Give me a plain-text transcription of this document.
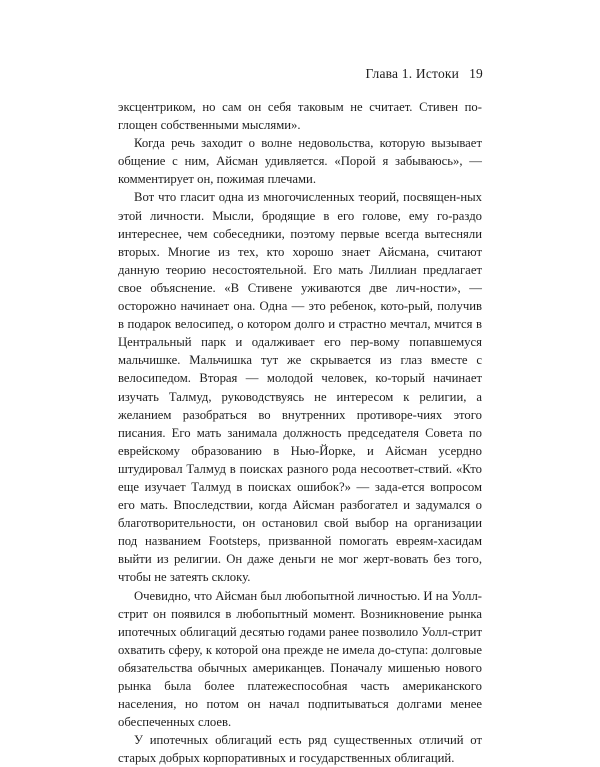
Глава 1. Истоки 19

эксцентриком, но сам он себя таковым не считает. Стивен по-глощен собственными мыслями».

Когда речь заходит о волне недовольства, которую вызывает общение с ним, Айсман удивляется. «Порой я забываюсь», — комментирует он, пожимая плечами.

Вот что гласит одна из многочисленных теорий, посвящен-ных этой личности. Мысли, бродящие в его голове, ему го-раздо интереснее, чем собеседники, поэтому первые всегда вытесняли вторых. Многие из тех, кто хорошо знает Айсмана, считают данную теорию несостоятельной. Его мать Лиллиан предлагает свое объяснение. «В Стивене уживаются две лич-ности», — осторожно начинает она. Одна — это ребенок, кото-рый, получив в подарок велосипед, о котором долго и страстно мечтал, мчится в Центральный парк и одалживает его пер-вому попавшемуся мальчишке. Мальчишка тут же скрывается из глаз вместе с велосипедом. Вторая — молодой человек, ко-торый начинает изучать Талмуд, руководствуясь не интересом к религии, а желанием разобраться во внутренних противоре-чиях этого писания. Его мать занимала должность председателя Совета по еврейскому образованию в Нью-Йорке, и Айсман усердно штудировал Талмуд в поисках разного рода несоответ-ствий. «Кто еще изучает Талмуд в поисках ошибок?» — зада-ется вопросом его мать. Впоследствии, когда Айсман разбогател и задумался о благотворительности, он остановил свой выбор на организации под названием Footsteps, призванной помогать евреям-хасидам выйти из религии. Он даже деньги не мог жерт-вовать без того, чтобы не затеять склоку.

Очевидно, что Айсман был любопытной личностью. И на Уолл-стрит он появился в любопытный момент. Возникновение рынка ипотечных облигаций десятью годами ранее позволило Уолл-стрит охватить сферу, к которой она прежде не имела до-ступа: долговые обязательства обычных американцев. Поначалу мишенью нового рынка была более платежеспособная часть американского населения, но потом он начал подпитываться долгами менее обеспеченных слоев.

У ипотечных облигаций есть ряд существенных отличий от старых добрых корпоративных и государственных облигаций.
